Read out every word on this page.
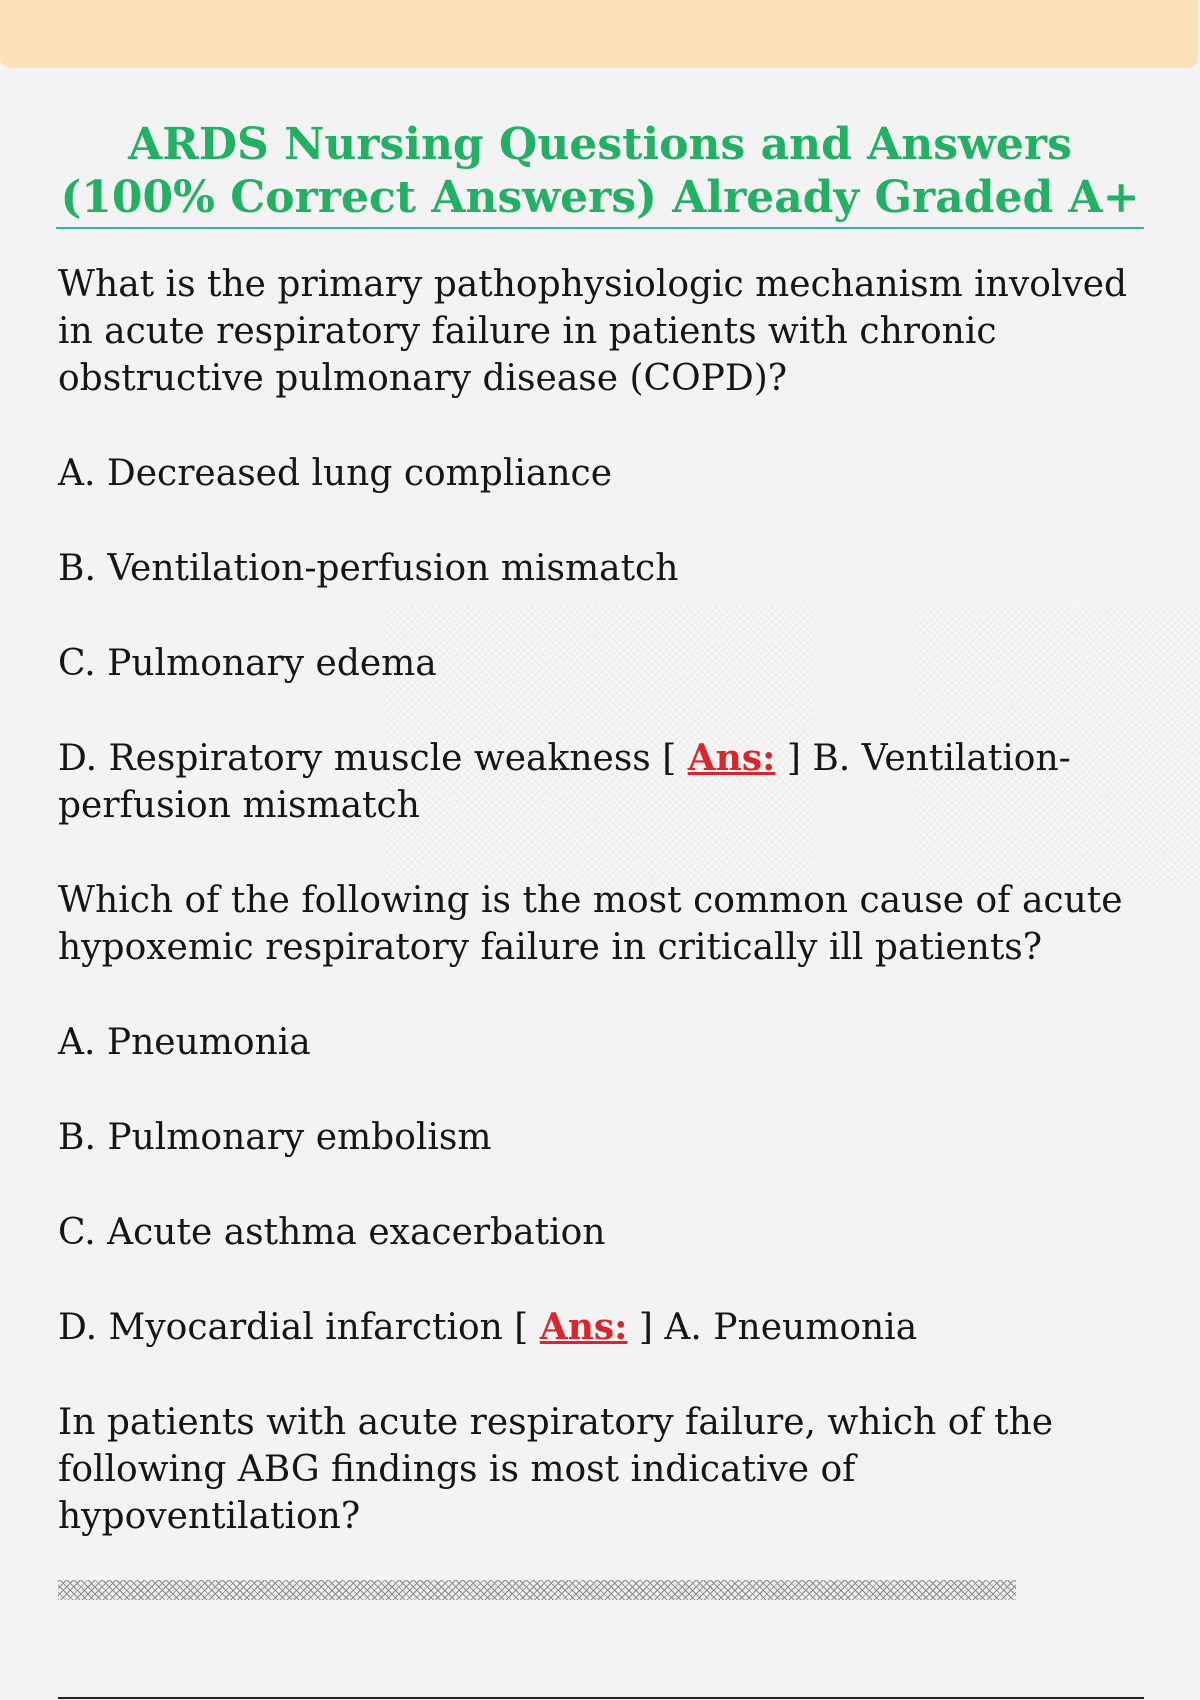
ARDS Nursing Questions and Answers (100% Correct Answers) Already Graded A+

What is the primary pathophysiologic mechanism involved in acute respiratory failure in patients with chronic obstructive pulmonary disease (COPD)?

A. Decreased lung compliance

B. Ventilation-perfusion mismatch

C. Pulmonary edema

D. Respiratory muscle weakness [ Ans: ] B. Ventilation-perfusion mismatch

Which of the following is the most common cause of acute hypoxemic respiratory failure in critically ill patients?

A. Pneumonia

B. Pulmonary embolism

C. Acute asthma exacerbation

D. Myocardial infarction [ Ans: ] A. Pneumonia

In patients with acute respiratory failure, which of the following ABG findings is most indicative of hypoventilation?
